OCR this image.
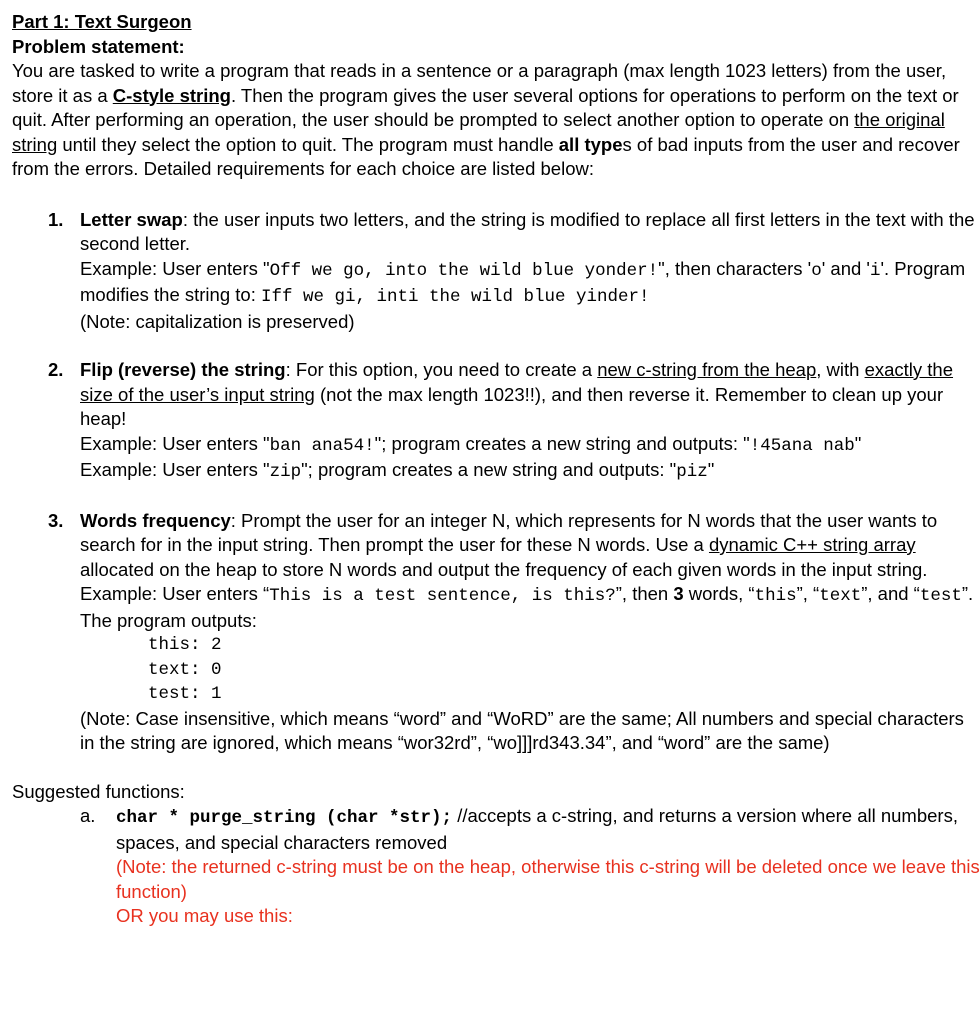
Part 1: Text Surgeon

Problem statement:

You are tasked to write a program that reads in a sentence or a paragraph (max length 1023 letters) from the user, store it as a C-style string. Then the program gives the user several options for operations to perform on the text or quit. After performing an operation, the user should be prompted to select another option to operate on the original string until they select the option to quit. The program must handle all types of bad inputs from the user and recover from the errors. Detailed requirements for each choice are listed below:

1. Letter swap: the user inputs two letters, and the string is modified to replace all first letters in the text with the second letter.

Example: User enters "Off we go, into the wild blue yonder!", then characters 'o' and 'i'. Program modifies the string to: Iff we gi, inti the wild blue yinder!

(Note: capitalization is preserved)

2. Flip (reverse) the string: For this option, you need to create a new c-string from the heap, with exactly the size of the user’s input string (not the max length 1023!!), and then reverse it. Remember to clean up your heap!

Example: User enters "ban ana54!"; program creates a new string and outputs: "!45ana nab"

Example: User enters "zip"; program creates a new string and outputs: "piz"

3. Words frequency: Prompt the user for an integer N, which represents for N words that the user wants to search for in the input string. Then prompt the user for these N words. Use a dynamic C++ string array allocated on the heap to store N words and output the frequency of each given words in the input string.

Example: User enters “This is a test sentence, is this?”, then 3 words, “this”, “text”, and “test”. The program outputs:

this: 2

text: 0

test: 1

(Note: Case insensitive, which means “word” and “WoRD” are the same; All numbers and special characters in the string are ignored, which means “wor32rd”, “wo]]]rd343.34”, and “word” are the same)

Suggested functions:

a. char * purge_string (char *str); //accepts a c-string, and returns a version where all numbers, spaces, and special characters removed

(Note: the returned c-string must be on the heap, otherwise this c-string will be deleted once we leave this function)

OR you may use this:
